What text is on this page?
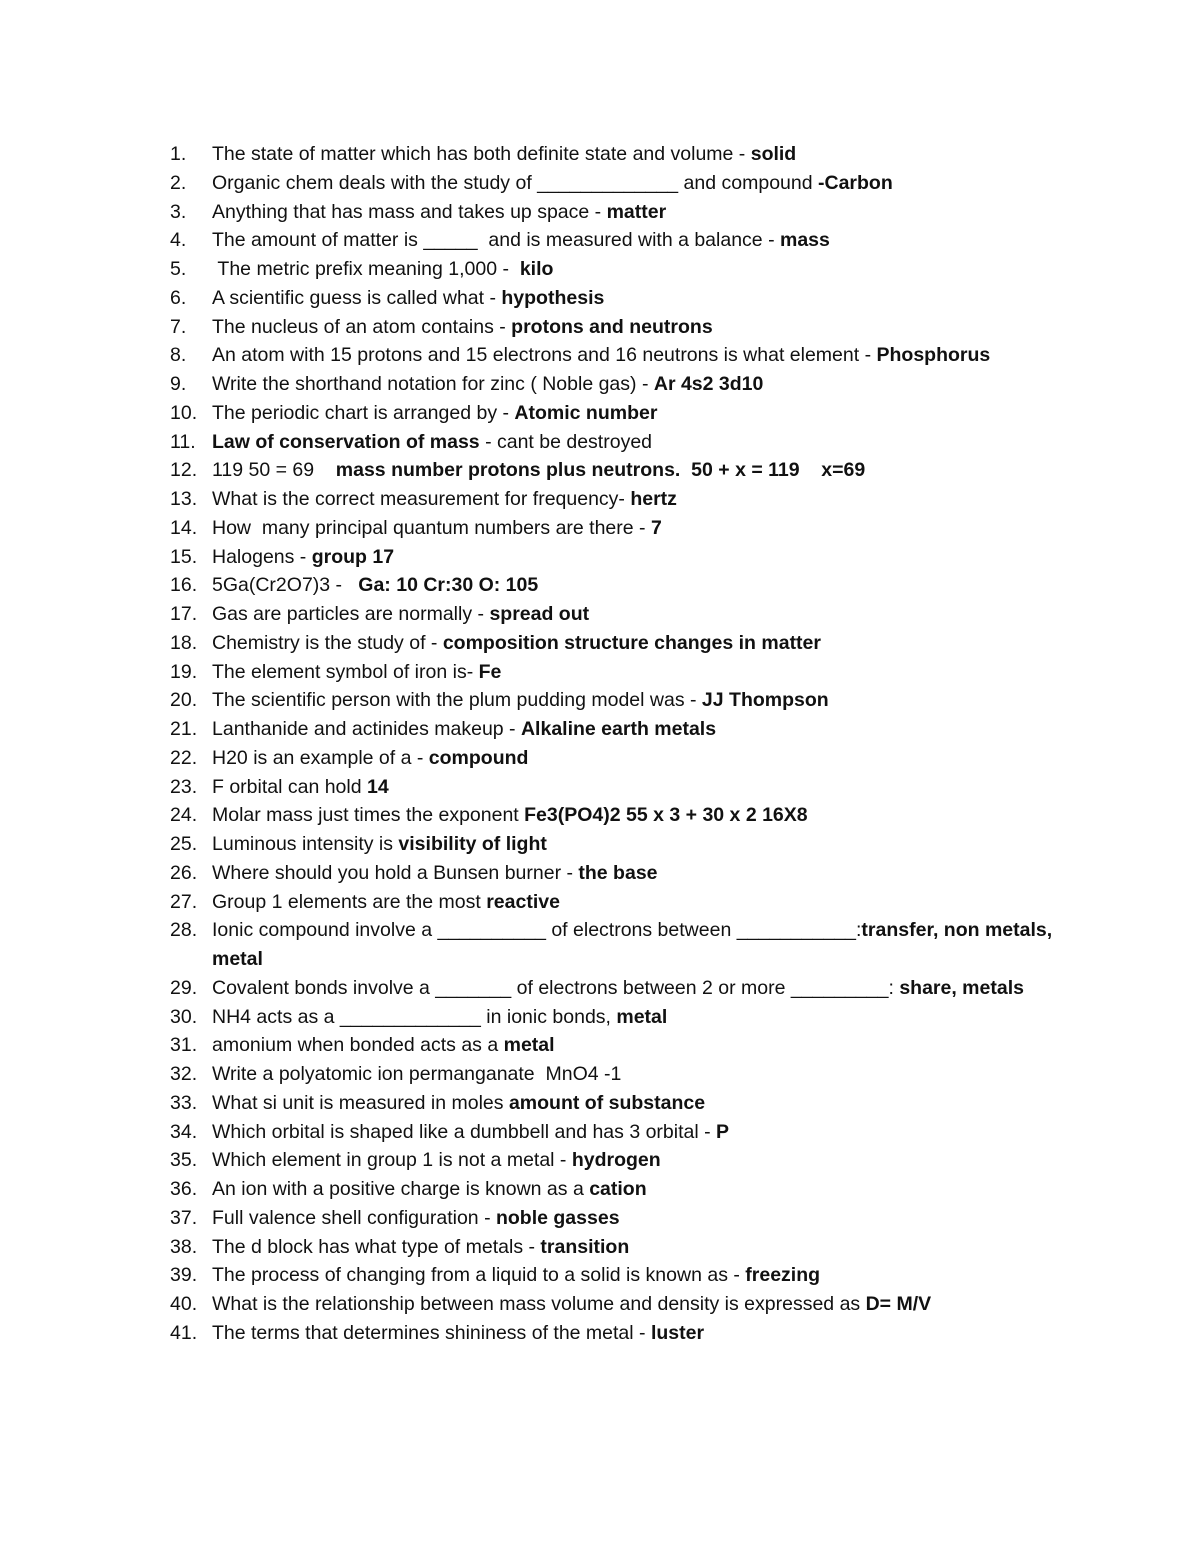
1.	The state of matter which has both definite state and volume - solid
2.	Organic chem deals with the study of _____________ and compound -Carbon
3.	Anything that has mass and takes up space - matter
4.	The amount of matter is _____  and is measured with a balance - mass
5.	The metric prefix meaning 1,000 -  kilo
6.	A scientific guess is called what - hypothesis
7.	The nucleus of an atom contains - protons and neutrons
8.	An atom with 15 protons and 15 electrons and 16 neutrons is what element - Phosphorus
9.	Write the shorthand notation for zinc ( Noble gas) - Ar 4s2 3d10
10. The periodic chart is arranged by - Atomic number
11. Law of conservation of mass - cant be destroyed
12. 119 50 = 69    mass number protons plus neutrons.  50 + x = 119    x=69
13. What is the correct measurement for frequency- hertz
14. How  many principal quantum numbers are there - 7
15. Halogens - group 17
16. 5Ga(Cr2O7)3 -   Ga: 10 Cr:30 O: 105
17. Gas are particles are normally - spread out
18. Chemistry is the study of - composition structure changes in matter
19. The element symbol of iron is- Fe
20. The scientific person with the plum pudding model was - JJ Thompson
21. Lanthanide and actinides makeup - Alkaline earth metals
22. H20 is an example of a - compound
23. F orbital can hold 14
24. Molar mass just times the exponent Fe3(PO4)2 55 x 3 + 30 x 2 16X8
25. Luminous intensity is visibility of light
26. Where should you hold a Bunsen burner - the base
27. Group 1 elements are the most reactive
28. Ionic compound involve a __________ of electrons between ___________:transfer, non metals, metal
29. Covalent bonds involve a _______ of electrons between 2 or more _________: share, metals
30. NH4 acts as a _____________ in ionic bonds, metal
31. amonium when bonded acts as a metal
32. Write a polyatomic ion permanganate  MnO4 -1
33. What si unit is measured in moles amount of substance
34. Which orbital is shaped like a dumbbell and has 3 orbital - P
35. Which element in group 1 is not a metal - hydrogen
36. An ion with a positive charge is known as a cation
37. Full valence shell configuration - noble gasses
38. The d block has what type of metals - transition
39. The process of changing from a liquid to a solid is known as - freezing
40. What is the relationship between mass volume and density is expressed as D= M/V
41. The terms that determines shininess of the metal - luster
